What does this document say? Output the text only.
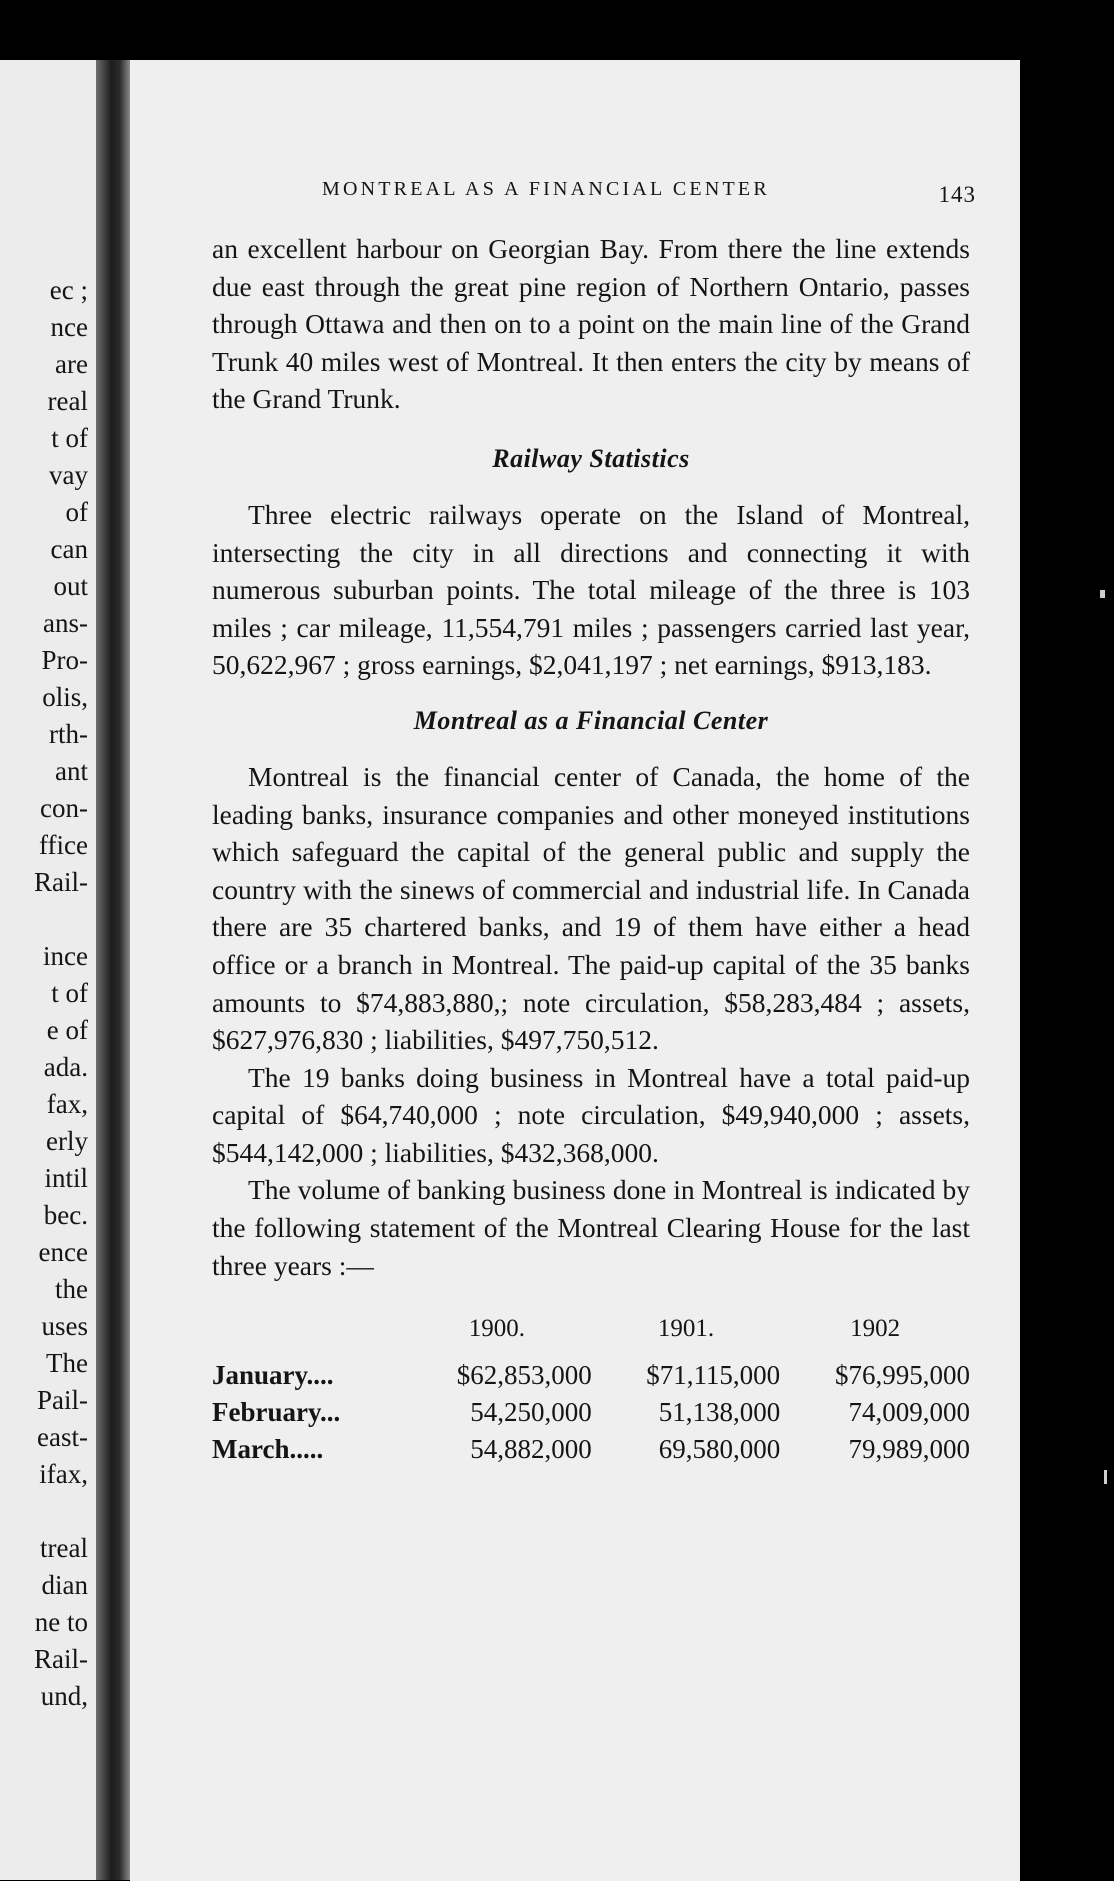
ec ;
nce
are
real
t of
vay
of
can
out
ans-
Pro-
olis,
rth-
ant
con-
ffice
Rail-

ince
t of
e of
ada.
fax,
erly
intil
bec.
ence
the
uses
The
Pail-
east-
ifax,

treal
dian
ne to
Rail-
und,
MONTREAL AS A FINANCIAL CENTER	143

an excellent harbour on Georgian Bay. From there the line extends due east through the great pine region of Northern Ontario, passes through Ottawa and then on to a point on the main line of the Grand Trunk 40 miles west of Montreal. It then enters the city by means of the Grand Trunk.

Railway Statistics

Three electric railways operate on the Island of Montreal, intersecting the city in all directions and connecting it with numerous suburban points. The total mileage of the three is 103 miles ; car mileage, 11,554,791 miles ; passengers carried last year, 50,622,967 ; gross earnings, $2,041,197 ; net earnings, $913,183.

Montreal as a Financial Center

Montreal is the financial center of Canada, the home of the leading banks, insurance companies and other moneyed institutions which safeguard the capital of the general public and supply the country with the sinews of commercial and industrial life. In Canada there are 35 chartered banks, and 19 of them have either a head office or a branch in Montreal. The paid-up capital of the 35 banks amounts to $74,883,880,; note circulation, $58,283,484 ; assets, $627,976,830 ; liabilities, $497,750,512.

The 19 banks doing business in Montreal have a total paid-up capital of $64,740,000 ; note circulation, $49,940,000 ; assets, $544,142,000 ; liabilities, $432,368,000.

The volume of banking business done in Montreal is indicated by the following statement of the Montreal Clearing House for the last three years :—

	1900.	1901.	1902
January....	$62,853,000	$71,115,000	$76,995,000
February...	54,250,000	51,138,000	74,009,000
March.....	54,882,000	69,580,000	79,989,000
